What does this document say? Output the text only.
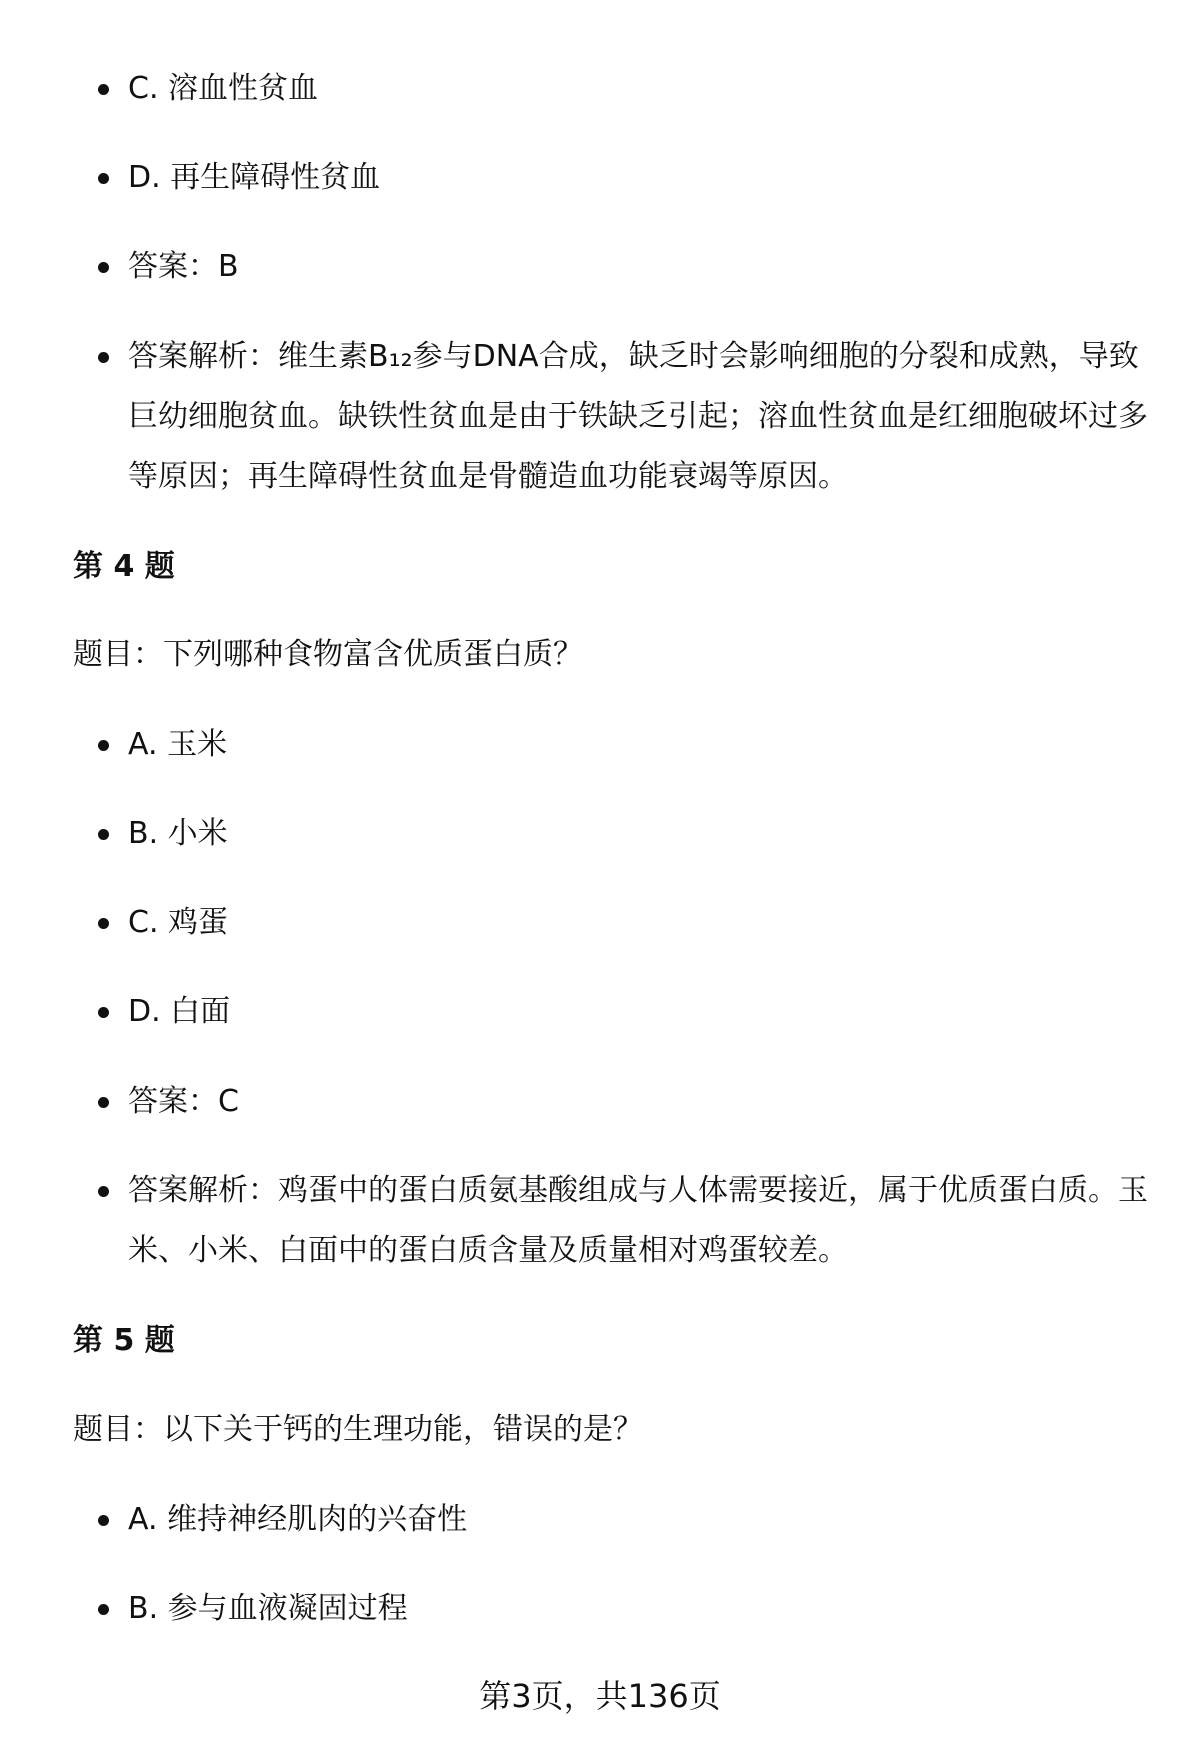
C. 溶血性贫血
D. 再生障碍性贫血
答案：B
答案解析：维生素B₁₂参与DNA合成，缺乏时会影响细胞的分裂和成熟，导致巨幼细胞贫血。缺铁性贫血是由于铁缺乏引起；溶血性贫血是红细胞破坏过多等原因；再生障碍性贫血是骨髓造血功能衰竭等原因。
第 4 题
题目：下列哪种食物富含优质蛋白质？
A. 玉米
B. 小米
C. 鸡蛋
D. 白面
答案：C
答案解析：鸡蛋中的蛋白质氨基酸组成与人体需要接近，属于优质蛋白质。玉米、小米、白面中的蛋白质含量及质量相对鸡蛋较差。
第 5 题
题目：以下关于钙的生理功能，错误的是？
A. 维持神经肌肉的兴奋性
B. 参与血液凝固过程
第3页，共136页
